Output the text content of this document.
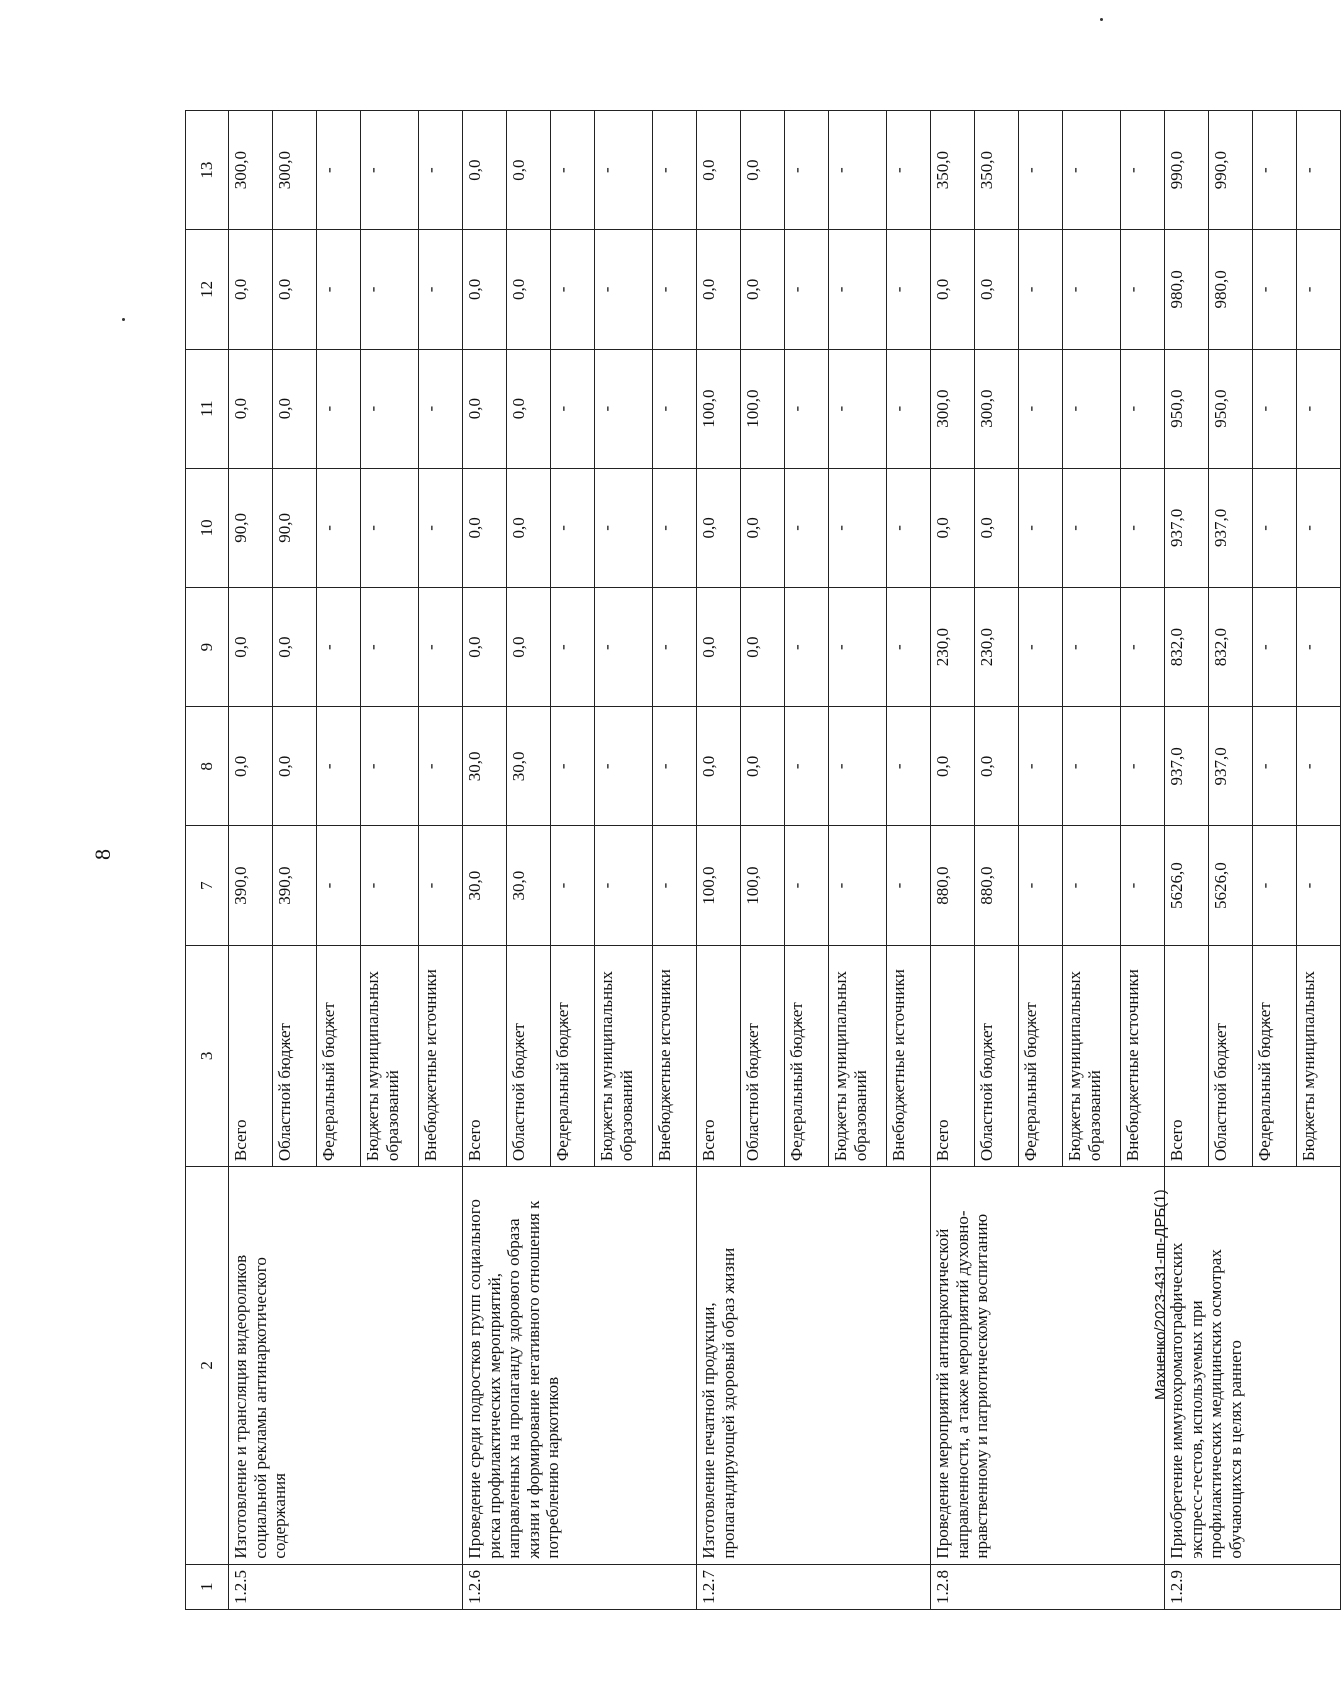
8
Махненко/2023-431-пп-ДРБ(1)
1	2	3	7	8	9	10	11	12	13
1.2.5	Изготовление и трансляция видеороликов социальной рекламы антинаркотического содержания	Всего	390,0	0,0	0,0	90,0	0,0	0,0	300,0
		Областной бюджет	390,0	0,0	0,0	90,0	0,0	0,0	300,0
		Федеральный бюджет	-	-	-	-	-	-	-
		Бюджеты муниципальных образований	-	-	-	-	-	-	-
		Внебюджетные источники	-	-	-	-	-	-	-
1.2.6	Проведение среди подростков групп социального риска профилактических мероприятий, направленных на пропаганду здорового образа жизни и формирование негативного отношения к потреблению наркотиков	Всего	30,0	30,0	0,0	0,0	0,0	0,0	0,0
		Областной бюджет	30,0	30,0	0,0	0,0	0,0	0,0	0,0
		Федеральный бюджет	-	-	-	-	-	-	-
		Бюджеты муниципальных образований	-	-	-	-	-	-	-
		Внебюджетные источники	-	-	-	-	-	-	-
1.2.7	Изготовление печатной продукции, пропагандирующей здоровый образ жизни	Всего	100,0	0,0	0,0	0,0	100,0	0,0	0,0
		Областной бюджет	100,0	0,0	0,0	0,0	100,0	0,0	0,0
		Федеральный бюджет	-	-	-	-	-	-	-
		Бюджеты муниципальных образований	-	-	-	-	-	-	-
		Внебюджетные источники	-	-	-	-	-	-	-
1.2.8	Проведение мероприятий антинаркотической направленности, а также мероприятий духовно-нравственному и патриотическому воспитанию	Всего	880,0	0,0	230,0	0,0	300,0	0,0	350,0
		Областной бюджет	880,0	0,0	230,0	0,0	300,0	0,0	350,0
		Федеральный бюджет	-	-	-	-	-	-	-
		Бюджеты муниципальных образований	-	-	-	-	-	-	-
		Внебюджетные источники	-	-	-	-	-	-	-
1.2.9	Приобретение иммунохроматографических экспресс-тестов, используемых при профилактических медицинских осмотрах обучающихся в целях раннего	Всего	5626,0	937,0	832,0	937,0	950,0	980,0	990,0
		Областной бюджет	5626,0	937,0	832,0	937,0	950,0	980,0	990,0
		Федеральный бюджет	-	-	-	-	-	-	-
		Бюджеты муниципальных	-	-	-	-	-	-	-
